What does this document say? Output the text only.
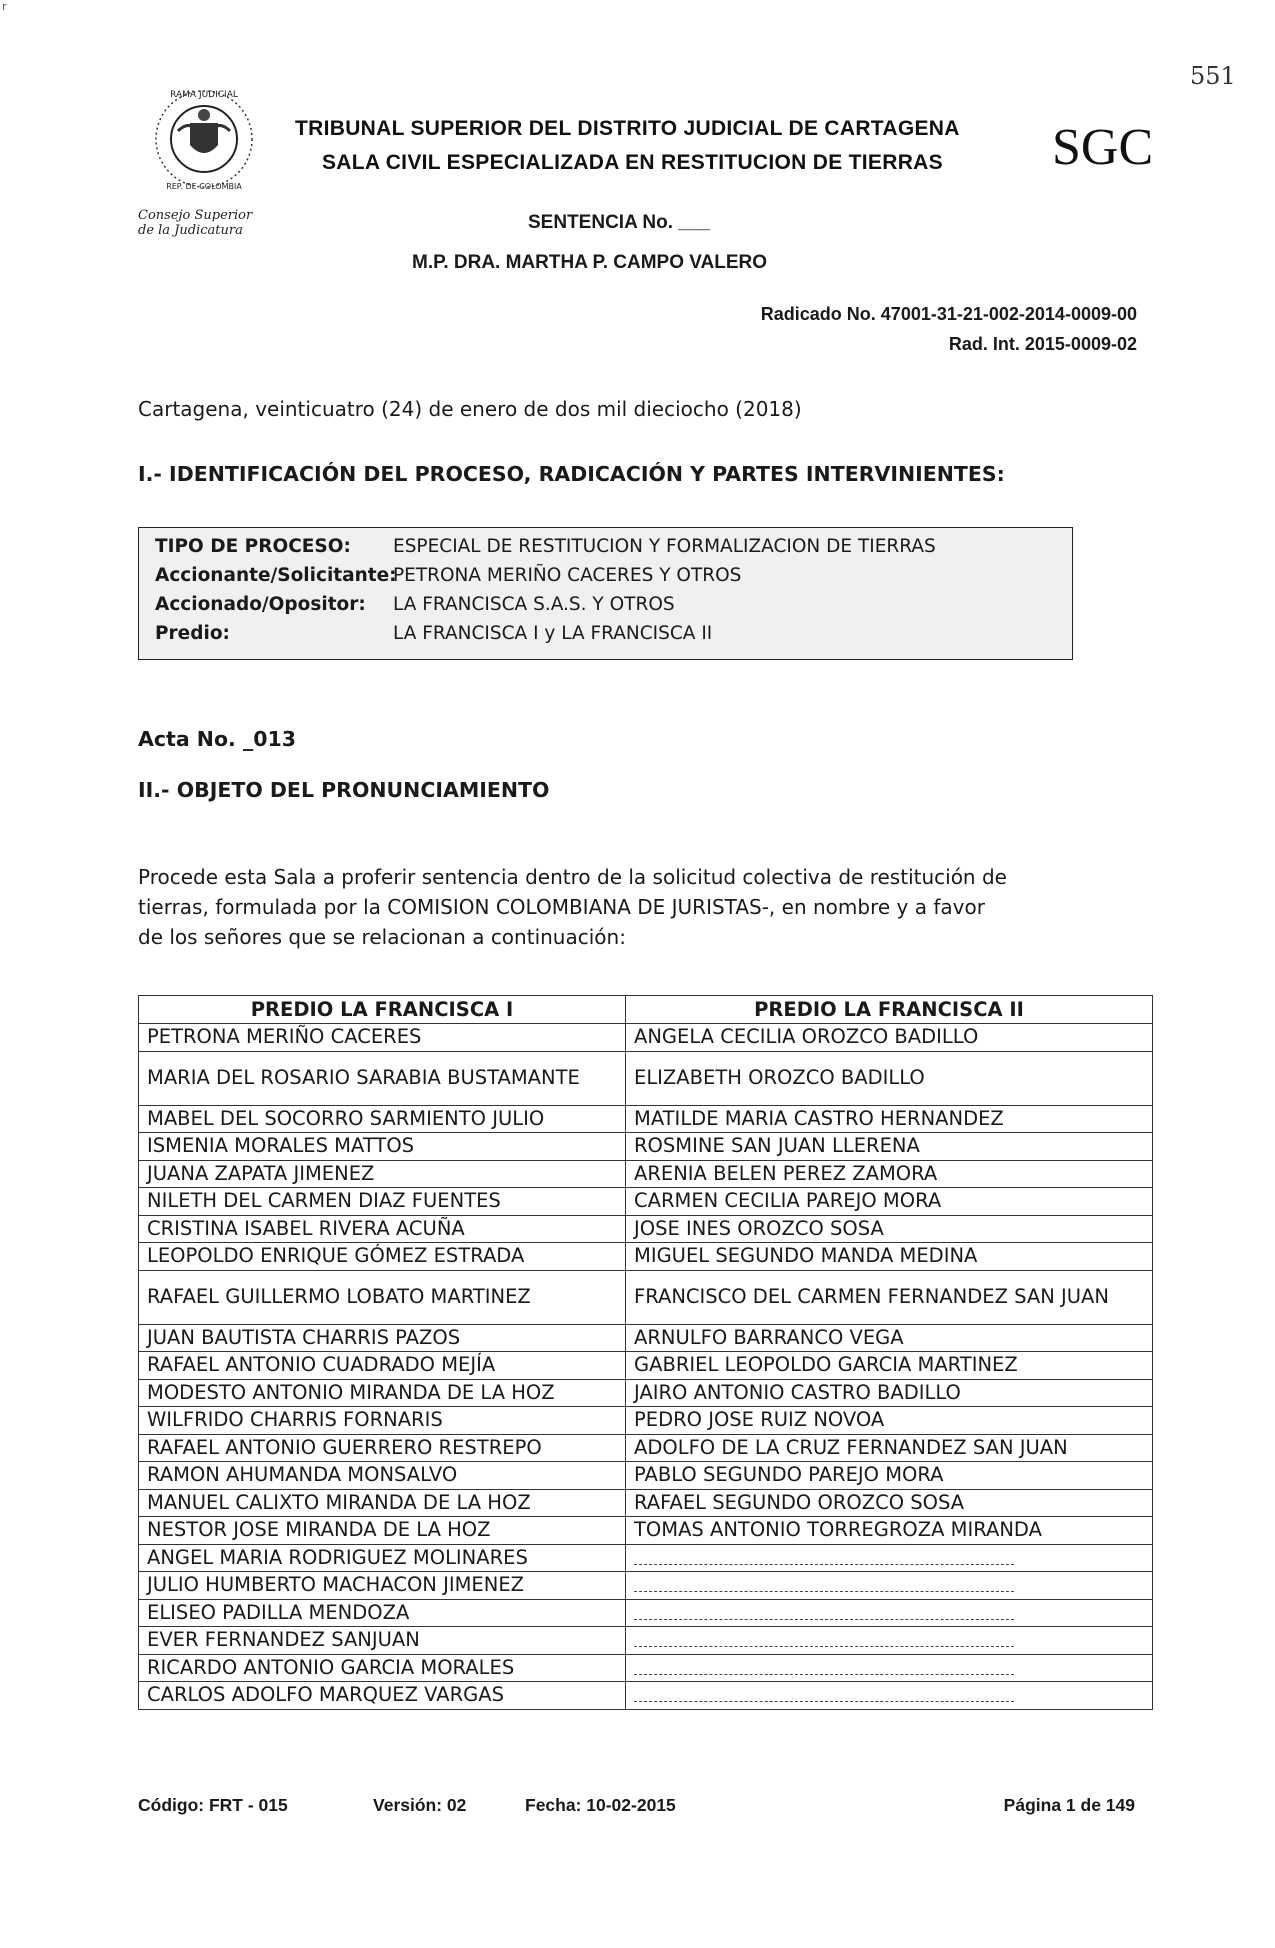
r
551
RAMA JUDICIAL
REP. DE COLOMBIA
Consejo Superior
de la Judicatura
TRIBUNAL SUPERIOR DEL DISTRITO JUDICIAL DE CARTAGENA
SALA CIVIL ESPECIALIZADA EN RESTITUCION DE TIERRAS	SGC
SENTENCIA No. ___
M.P. DRA. MARTHA P. CAMPO VALERO
Radicado No. 47001-31-21-002-2014-0009-00
Rad. Int. 2015-0009-02
Cartagena, veinticuatro (24) de enero de dos mil dieciocho (2018)
I.- IDENTIFICACIÓN DEL PROCESO, RADICACIÓN Y PARTES INTERVINIENTES:
TIPO DE PROCESO: ESPECIAL DE RESTITUCION Y FORMALIZACION DE TIERRAS
Accionante/Solicitante:PETRONA MERIÑO CACERES Y OTROS
Accionado/Opositor: LA FRANCISCA S.A.S. Y OTROS
Predio:	LA FRANCISCA I y LA FRANCISCA II
Acta No. _013
II.- OBJETO DEL PRONUNCIAMIENTO
Procede esta Sala a proferir sentencia dentro de la solicitud colectiva de restitución de
tierras, formulada por la COMISION COLOMBIANA DE JURISTAS-, en nombre y a favor
de los señores que se relacionan a continuación:
PREDIO LA FRANCISCA I	PREDIO LA FRANCISCA II
PETRONA MERIÑO CACERES	ANGELA CECILIA OROZCO BADILLO
MARIA DEL ROSARIO SARABIA BUSTAMANTE	ELIZABETH OROZCO BADILLO
MABEL DEL SOCORRO SARMIENTO JULIO	MATILDE MARIA CASTRO HERNANDEZ
ISMENIA MORALES MATTOS	ROSMINE SAN JUAN LLERENA
JUANA ZAPATA JIMENEZ	ARENIA BELEN PEREZ ZAMORA
NILETH DEL CARMEN DIAZ FUENTES	CARMEN CECILIA PAREJO MORA
CRISTINA ISABEL RIVERA ACUÑA	JOSE INES OROZCO SOSA
LEOPOLDO ENRIQUE GÓMEZ ESTRADA	MIGUEL SEGUNDO MANDA MEDINA
RAFAEL GUILLERMO LOBATO MARTINEZ	FRANCISCO DEL CARMEN FERNANDEZ SAN JUAN
JUAN BAUTISTA CHARRIS PAZOS	ARNULFO BARRANCO VEGA
RAFAEL ANTONIO CUADRADO MEJÍA	GABRIEL LEOPOLDO GARCIA MARTINEZ
MODESTO ANTONIO MIRANDA DE LA HOZ	JAIRO ANTONIO CASTRO BADILLO
WILFRIDO CHARRIS FORNARIS	PEDRO JOSE RUIZ NOVOA
RAFAEL ANTONIO GUERRERO RESTREPO	ADOLFO DE LA CRUZ FERNANDEZ SAN JUAN
RAMON AHUMANDA MONSALVO	PABLO SEGUNDO PAREJO MORA
MANUEL CALIXTO MIRANDA DE LA HOZ	RAFAEL SEGUNDO OROZCO SOSA
NESTOR JOSE MIRANDA DE LA HOZ	TOMAS ANTONIO TORREGROZA MIRANDA
ANGEL MARIA RODRIGUEZ MOLINARES	
JULIO HUMBERTO MACHACON JIMENEZ	
ELISEO PADILLA MENDOZA	
EVER FERNANDEZ SANJUAN	
RICARDO ANTONIO GARCIA MORALES	
CARLOS ADOLFO MARQUEZ VARGAS	
Código: FRT - 015	Versión: 02	Fecha: 10-02-2015	Página 1 de 149
